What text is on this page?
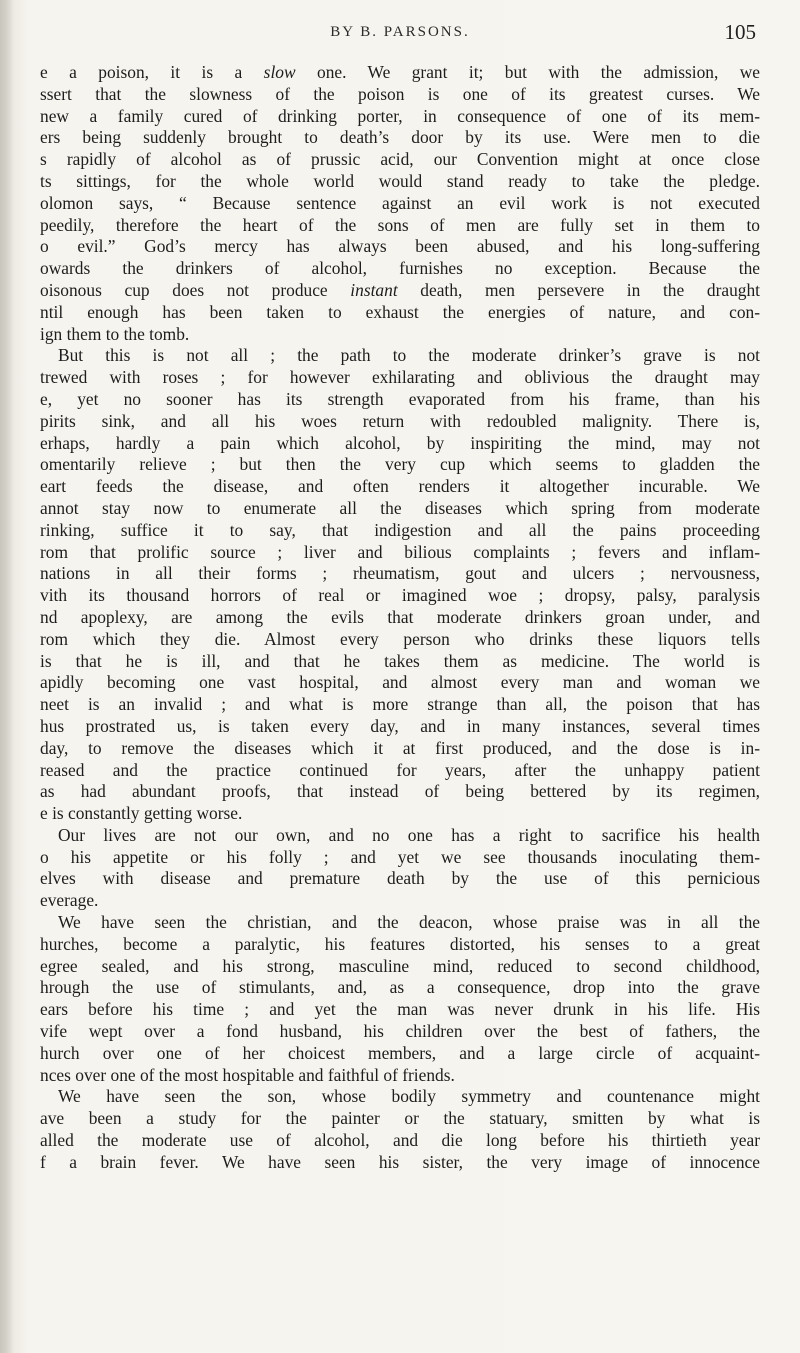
BY B. PARSONS.	105
e a poison, it is a slow one. We grant it; but with the admission, we
ssert that the slowness of the poison is one of its greatest curses. We
new a family cured of drinking porter, in consequence of one of its mem-
ers being suddenly brought to death’s door by its use. Were men to die
s rapidly of alcohol as of prussic acid, our Convention might at once close
ts sittings, for the whole world would stand ready to take the pledge.
olomon says, “ Because sentence against an evil work is not executed
peedily, therefore the heart of the sons of men are fully set in them to
o evil.” God’s mercy has always been abused, and his long-suffering
owards the drinkers of alcohol, furnishes no exception. Because the
oisonous cup does not produce instant death, men persevere in the draught
ntil enough has been taken to exhaust the energies of nature, and con-
ign them to the tomb.
But this is not all ; the path to the moderate drinker’s grave is not
trewed with roses ; for however exhilarating and oblivious the draught may
e, yet no sooner has its strength evaporated from his frame, than his
pirits sink, and all his woes return with redoubled malignity. There is,
erhaps, hardly a pain which alcohol, by inspiriting the mind, may not
omentarily relieve ; but then the very cup which seems to gladden the
eart feeds the disease, and often renders it altogether incurable. We
annot stay now to enumerate all the diseases which spring from moderate
rinking, suffice it to say, that indigestion and all the pains proceeding
rom that prolific source ; liver and bilious complaints ; fevers and inflam-
nations in all their forms ; rheumatism, gout and ulcers ; nervousness,
vith its thousand horrors of real or imagined woe ; dropsy, palsy, paralysis
nd apoplexy, are among the evils that moderate drinkers groan under, and
rom which they die. Almost every person who drinks these liquors tells
is that he is ill, and that he takes them as medicine. The world is
apidly becoming one vast hospital, and almost every man and woman we
neet is an invalid ; and what is more strange than all, the poison that has
hus prostrated us, is taken every day, and in many instances, several times
day, to remove the diseases which it at first produced, and the dose is in-
reased and the practice continued for years, after the unhappy patient
as had abundant proofs, that instead of being bettered by its regimen,
e is constantly getting worse.
Our lives are not our own, and no one has a right to sacrifice his health
o his appetite or his folly ; and yet we see thousands inoculating them-
elves with disease and premature death by the use of this pernicious
everage.
We have seen the christian, and the deacon, whose praise was in all the
hurches, become a paralytic, his features distorted, his senses to a great
egree sealed, and his strong, masculine mind, reduced to second childhood,
hrough the use of stimulants, and, as a consequence, drop into the grave
ears before his time ; and yet the man was never drunk in his life. His
vife wept over a fond husband, his children over the best of fathers, the
hurch over one of her choicest members, and a large circle of acquaint-
nces over one of the most hospitable and faithful of friends.
We have seen the son, whose bodily symmetry and countenance might
ave been a study for the painter or the statuary, smitten by what is
alled the moderate use of alcohol, and die long before his thirtieth year
f a brain fever. We have seen his sister, the very image of innocence
